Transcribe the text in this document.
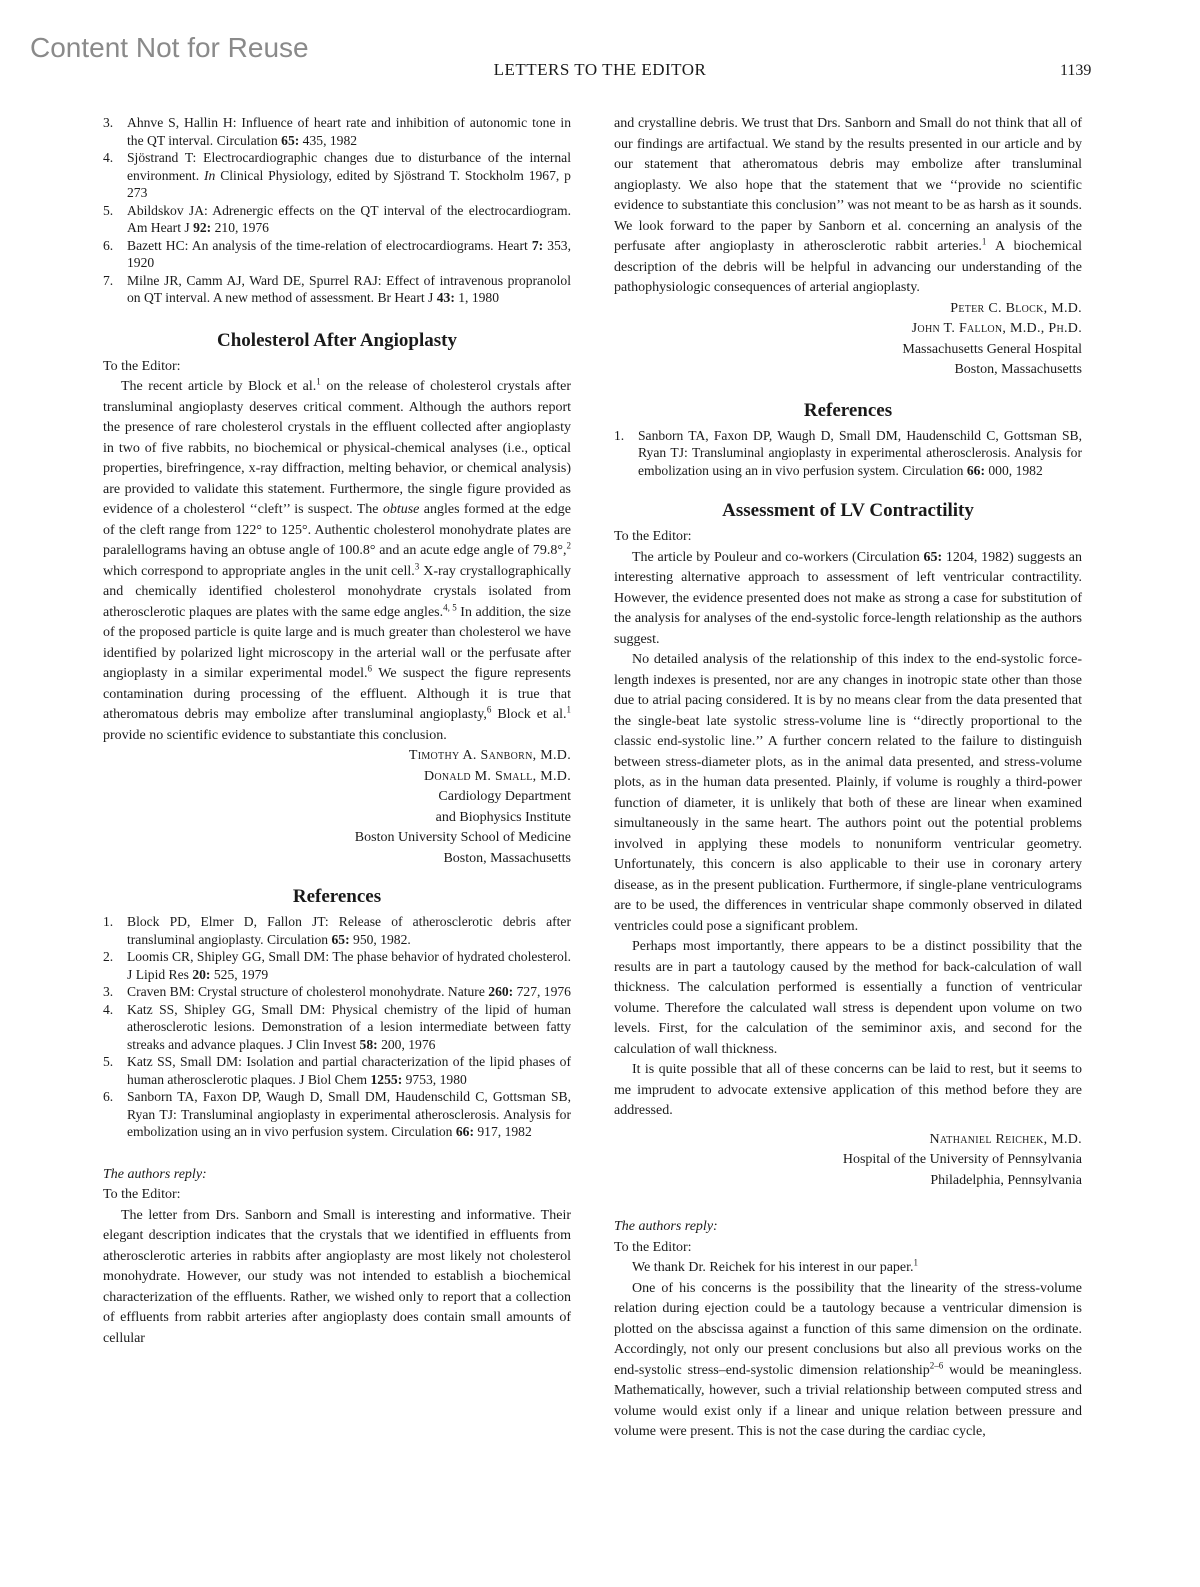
Content Not for Reuse
LETTERS TO THE EDITOR	1139
3.	Ahnve S, Hallin H: Influence of heart rate and inhibition of autonomic tone in the QT interval. Circulation 65: 435, 1982
4.	Sjöstrand T: Electrocardiographic changes due to disturbance of the internal environment. In Clinical Physiology, edited by Sjöstrand T. Stockholm 1967, p 273
5.	Abildskov JA: Adrenergic effects on the QT interval of the electrocardiogram. Am Heart J 92: 210, 1976
6.	Bazett HC: An analysis of the time-relation of electrocardiograms. Heart 7: 353, 1920
7.	Milne JR, Camm AJ, Ward DE, Spurrel RAJ: Effect of intravenous propranolol on QT interval. A new method of assessment. Br Heart J 43: 1, 1980
Cholesterol After Angioplasty

To the Editor:

The recent article by Block et al.$^1$ on the release of cholesterol crystals after transluminal angioplasty deserves critical comment. Although the authors report the presence of rare cholesterol crystals in the effluent collected after angioplasty in two of five rabbits, no biochemical or physical-chemical analyses (i.e., optical properties, birefringence, x-ray diffraction, melting behavior, or chemical analysis) are provided to validate this statement. Furthermore, the single figure provided as evidence of a cholesterol ‘‘cleft’’ is suspect. The obtuse angles formed at the edge of the cleft range from 122° to 125°. Authentic cholesterol monohydrate plates are paralellograms having an obtuse angle of 100.8° and an acute edge angle of 79.8°,$^2$ which correspond to appropriate angles in the unit cell.$^3$ X-ray crystallographically and chemically identified cholesterol monohydrate crystals isolated from atherosclerotic plaques are plates with the same edge angles.$^{4, 5}$ In addition, the size of the proposed particle is quite large and is much greater than cholesterol we have identified by polarized light microscopy in the arterial wall or the perfusate after angioplasty in a similar experimental model.$^6$ We suspect the figure represents contamination during processing of the effluent. Although it is true that atheromatous debris may embolize after transluminal angioplasty,$^6$ Block et al.$^1$ provide no scientific evidence to substantiate this conclusion.

Timothy A. Sanborn, M.D.
Donald M. Small, M.D.
Cardiology Department
and Biophysics Institute
Boston University School of Medicine
Boston, Massachusetts
References
1.	Block PD, Elmer D, Fallon JT: Release of atherosclerotic debris after transluminal angioplasty. Circulation 65: 950, 1982.
2.	Loomis CR, Shipley GG, Small DM: The phase behavior of hydrated cholesterol. J Lipid Res 20: 525, 1979
3.	Craven BM: Crystal structure of cholesterol monohydrate. Nature 260: 727, 1976
4.	Katz SS, Shipley GG, Small DM: Physical chemistry of the lipid of human atherosclerotic lesions. Demonstration of a lesion intermediate between fatty streaks and advance plaques. J Clin Invest 58: 200, 1976
5.	Katz SS, Small DM: Isolation and partial characterization of the lipid phases of human atherosclerotic plaques. J Biol Chem 1255: 9753, 1980
6.	Sanborn TA, Faxon DP, Waugh D, Small DM, Haudenschild C, Gottsman SB, Ryan TJ: Transluminal angioplasty in experimental atherosclerosis. Analysis for embolization using an in vivo perfusion system. Circulation 66: 917, 1982
The authors reply:

To the Editor:

The letter from Drs. Sanborn and Small is interesting and informative. Their elegant description indicates that the crystals that we identified in effluents from atherosclerotic arteries in rabbits after angioplasty are most likely not cholesterol monohydrate. However, our study was not intended to establish a biochemical characterization of the effluents. Rather, we wished only to report that a collection of effluents from rabbit arteries after angioplasty does contain small amounts of cellular

and crystalline debris. We trust that Drs. Sanborn and Small do not think that all of our findings are artifactual. We stand by the results presented in our article and by our statement that atheromatous debris may embolize after transluminal angioplasty. We also hope that the statement that we ‘‘provide no scientific evidence to substantiate this conclusion’’ was not meant to be as harsh as it sounds. We look forward to the paper by Sanborn et al. concerning an analysis of the perfusate after angioplasty in atherosclerotic rabbit arteries.$^1$ A biochemical description of the debris will be helpful in advancing our understanding of the pathophysiologic consequences of arterial angioplasty.

Peter C. Block, M.D.
John T. Fallon, M.D., Ph.D.
Massachusetts General Hospital
Boston, Massachusetts
References
1.	Sanborn TA, Faxon DP, Waugh D, Small DM, Haudenschild C, Gottsman SB, Ryan TJ: Transluminal angioplasty in experimental atherosclerosis. Analysis for embolization using an in vivo perfusion system. Circulation 66: 000, 1982
Assessment of LV Contractility

To the Editor:

The article by Pouleur and co-workers (Circulation 65: 1204, 1982) suggests an interesting alternative approach to assessment of left ventricular contractility. However, the evidence presented does not make as strong a case for substitution of the analysis for analyses of the end-systolic force-length relationship as the authors suggest.

No detailed analysis of the relationship of this index to the end-systolic force-length indexes is presented, nor are any changes in inotropic state other than those due to atrial pacing considered. It is by no means clear from the data presented that the single-beat late systolic stress-volume line is ‘‘directly proportional to the classic end-systolic line.’’ A further concern related to the failure to distinguish between stress-diameter plots, as in the animal data presented, and stress-volume plots, as in the human data presented. Plainly, if volume is roughly a third-power function of diameter, it is unlikely that both of these are linear when examined simultaneously in the same heart. The authors point out the potential problems involved in applying these models to nonuniform ventricular geometry. Unfortunately, this concern is also applicable to their use in coronary artery disease, as in the present publication. Furthermore, if single-plane ventriculograms are to be used, the differences in ventricular shape commonly observed in dilated ventricles could pose a significant problem.

Perhaps most importantly, there appears to be a distinct possibility that the results are in part a tautology caused by the method for back-calculation of wall thickness. The calculation performed is essentially a function of ventricular volume. Therefore the calculated wall stress is dependent upon volume on two levels. First, for the calculation of the semiminor axis, and second for the calculation of wall thickness.

It is quite possible that all of these concerns can be laid to rest, but it seems to me imprudent to advocate extensive application of this method before they are addressed.

Nathaniel Reichek, M.D.
Hospital of the University of Pennsylvania
Philadelphia, Pennsylvania
The authors reply:

To the Editor:

We thank Dr. Reichek for his interest in our paper.$^1$

One of his concerns is the possibility that the linearity of the stress-volume relation during ejection could be a tautology because a ventricular dimension is plotted on the abscissa against a function of this same dimension on the ordinate. Accordingly, not only our present conclusions but also all previous works on the end-systolic stress–end-systolic dimension relationship$^{2-6}$ would be meaningless. Mathematically, however, such a trivial relationship between computed stress and volume would exist only if a linear and unique relation between pressure and volume were present. This is not the case during the cardiac cycle,
